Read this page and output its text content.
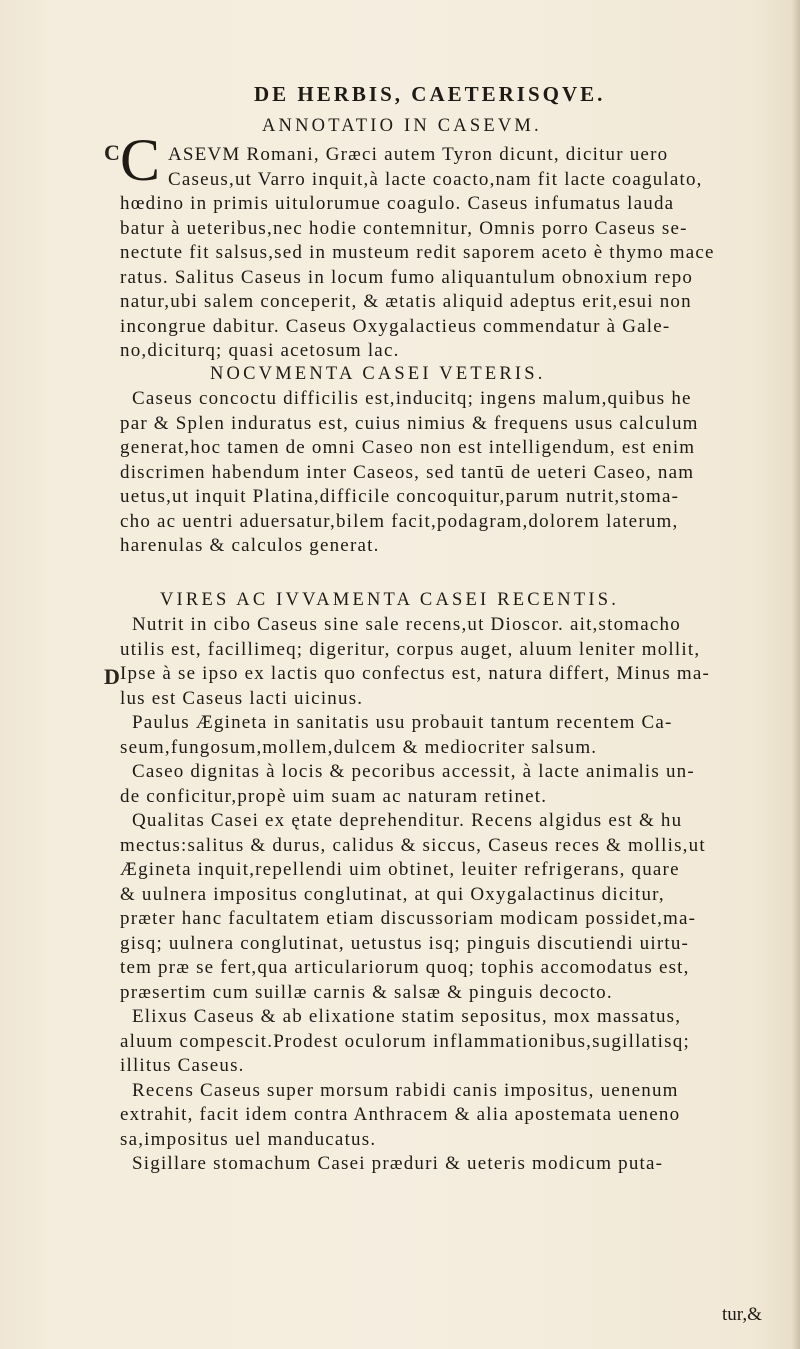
DE HERBIS, CAETERISQVE.
C
D
ANNOTATIO IN CASEVM.
C ASEVM Romani, Græci autem Tyron dicunt, dicitur uero
Caseus,ut Varro inquit,à lacte coacto,nam fit lacte coagulato,
hœdino in primis uitulorumue coagulo. Caseus infumatus lauda
batur à ueteribus,nec hodie contemnitur, Omnis porro Caseus se-
nectute fit salsus,sed in musteum redit saporem aceto è thymo mace
ratus. Salitus Caseus in locum fumo aliquantulum obnoxium repo
natur,ubi salem conceperit, & ætatis aliquid adeptus erit,esui non
incongrue dabitur. Caseus Oxygalactieus commendatur à Gale-
no,diciturq; quasi acetosum lac.
NOCVMENTA CASEI VETERIS.
Caseus concoctu difficilis est,inducitq; ingens malum,quibus he
par & Splen induratus est, cuius nimius & frequens usus calculum
generat,hoc tamen de omni Caseo non est intelligendum, est enim
discrimen habendum inter Caseos, sed tantū de ueteri Caseo, nam
uetus,ut inquit Platina,difficile concoquitur,parum nutrit,stoma-
cho ac uentri aduersatur,bilem facit,podagram,dolorem laterum,
harenulas & calculos generat.
VIRES AC IVVAMENTA CASEI RECENTIS.
Nutrit in cibo Caseus sine sale recens,ut Dioscor. ait,stomacho
utilis est, facillimeq; digeritur, corpus auget, aluum leniter mollit,
Ipse à se ipso ex lactis quo confectus est, natura differt, Minus ma-
lus est Caseus lacti uicinus.
Paulus Æginetа in sanitatis usu probauit tantum recentem Ca-
seum,fungosum,mollem,dulcem & mediocriter salsum.
Caseo dignitas à locis & pecoribus accessit, à lacte animalis un-
de conficitur,propè uim suam ac naturam retinet.
Qualitas Casei ex ętate deprehenditur. Recens algidus est & hu
mectus:salitus & durus, calidus & siccus, Caseus reces & mollis,ut
Æginetа inquit,repellendi uim obtinet, leuiter refrigerans, quare
& uulnera impositus conglutinat, at qui Oxygalactinus dicitur,
præter hanc facultatem etiam discussoriam modicam possidet,ma-
gisq; uulnera conglutinat, uetustus isq; pinguis discutiendi uirtu-
tem præ se fert,qua articulariorum quoq; tophis accomodatus est,
præsertim cum suillæ carnis & salsæ & pinguis decocto.
Elixus Caseus & ab elixatione statim sepositus, mox massatus,
aluum compescit.Prodest oculorum inflammationibus,sugillatisq;
illitus Caseus.
Recens Caseus super morsum rabidi canis impositus, uenenum
extrahit, facit idem contra Anthracem & alia apostemata ueneno
sa,impositus uel manducatus.
Sigillare stomachum Casei præduri & ueteris modicum puta-
tur,&
